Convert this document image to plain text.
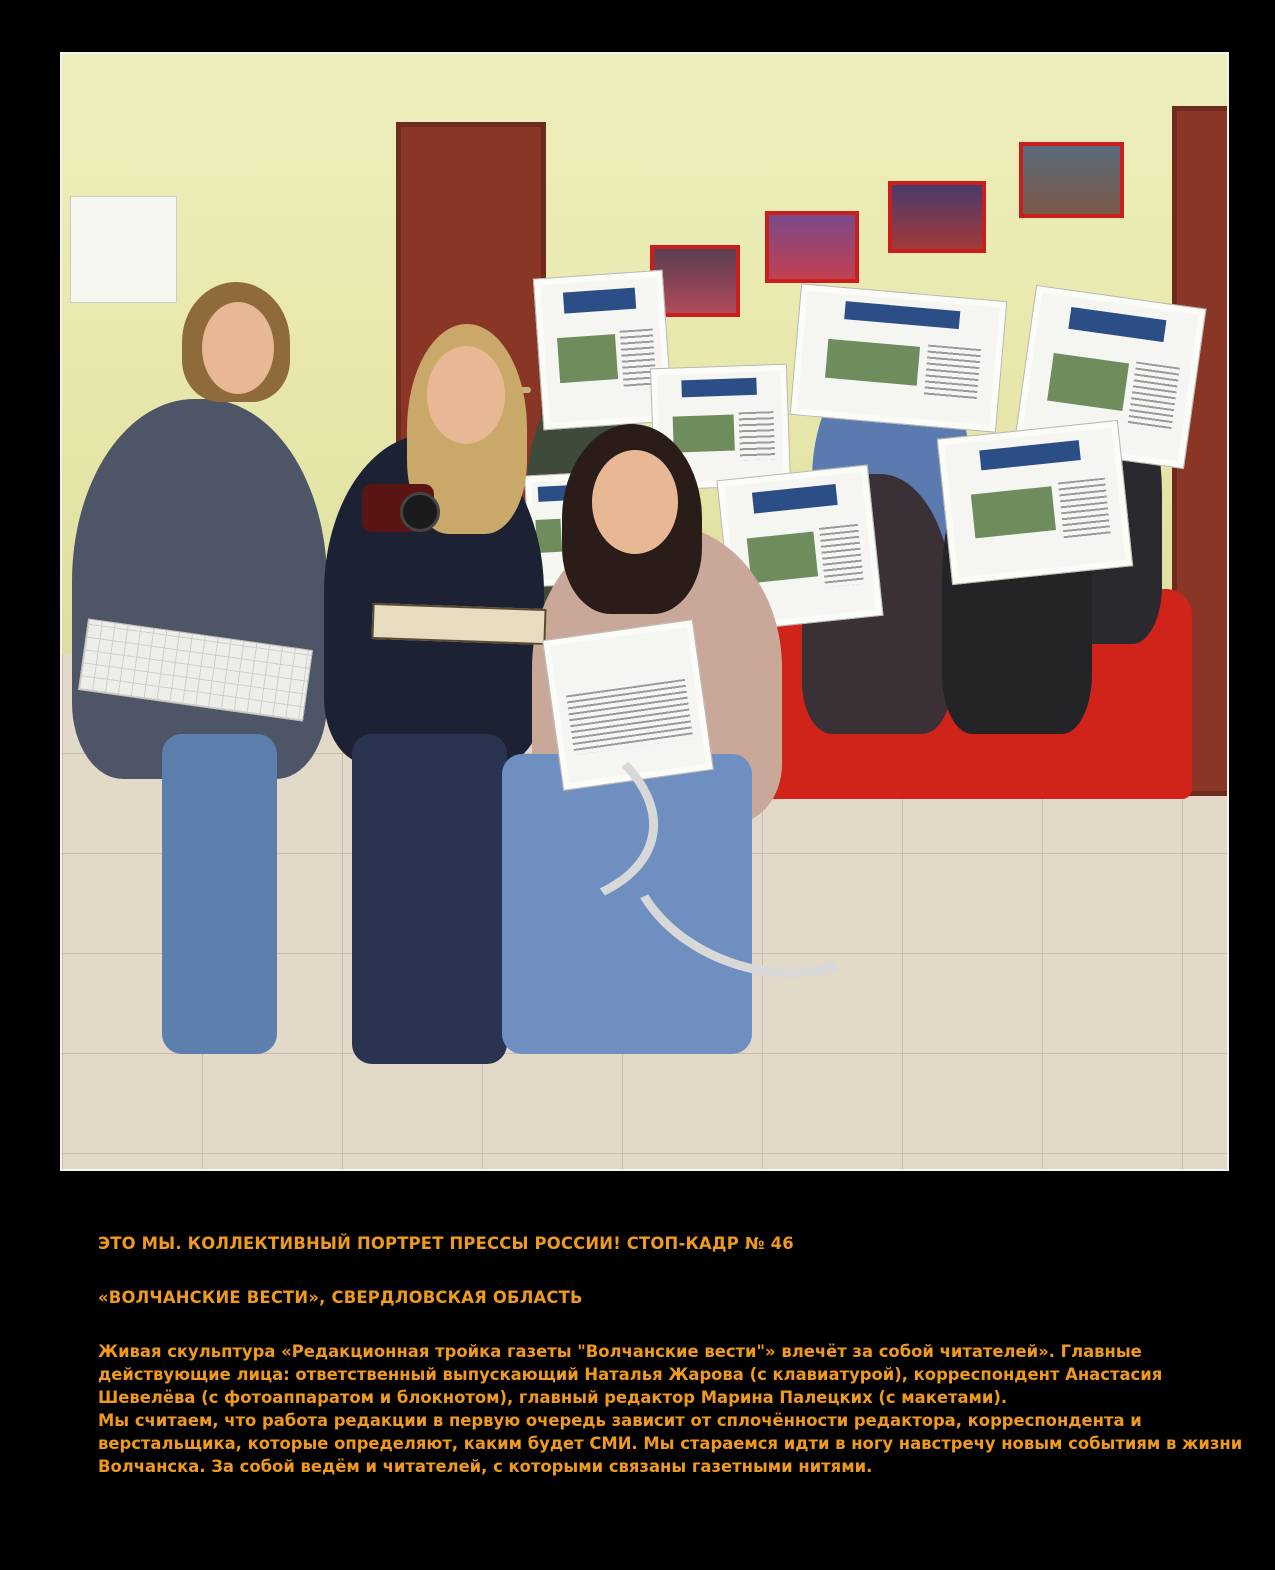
ЭТО МЫ. КОЛЛЕКТИВНЫЙ ПОРТРЕТ ПРЕССЫ РОССИИ! СТОП-КАДР № 46
«ВОЛЧАНСКИЕ ВЕСТИ», СВЕРДЛОВСКАЯ ОБЛАСТЬ

Живая скульптура «Редакционная тройка газеты "Волчанские вести"» влечёт за собой читателей». Главные

действующие лица: ответственный выпускающий Наталья Жарова (с клавиатурой), корреспондент Анастасия

Шевелёва (с фотоаппаратом и блокнотом), главный редактор Марина Палецких (с макетами).

Мы считаем, что работа редакции в первую очередь зависит от сплочённости редактора, корреспондента и

верстальщика, которые определяют, каким будет СМИ. Мы стараемся идти в ногу навстречу новым событиям в жизни

Волчанска. За собой ведём и читателей, с которыми связаны газетными нитями.
